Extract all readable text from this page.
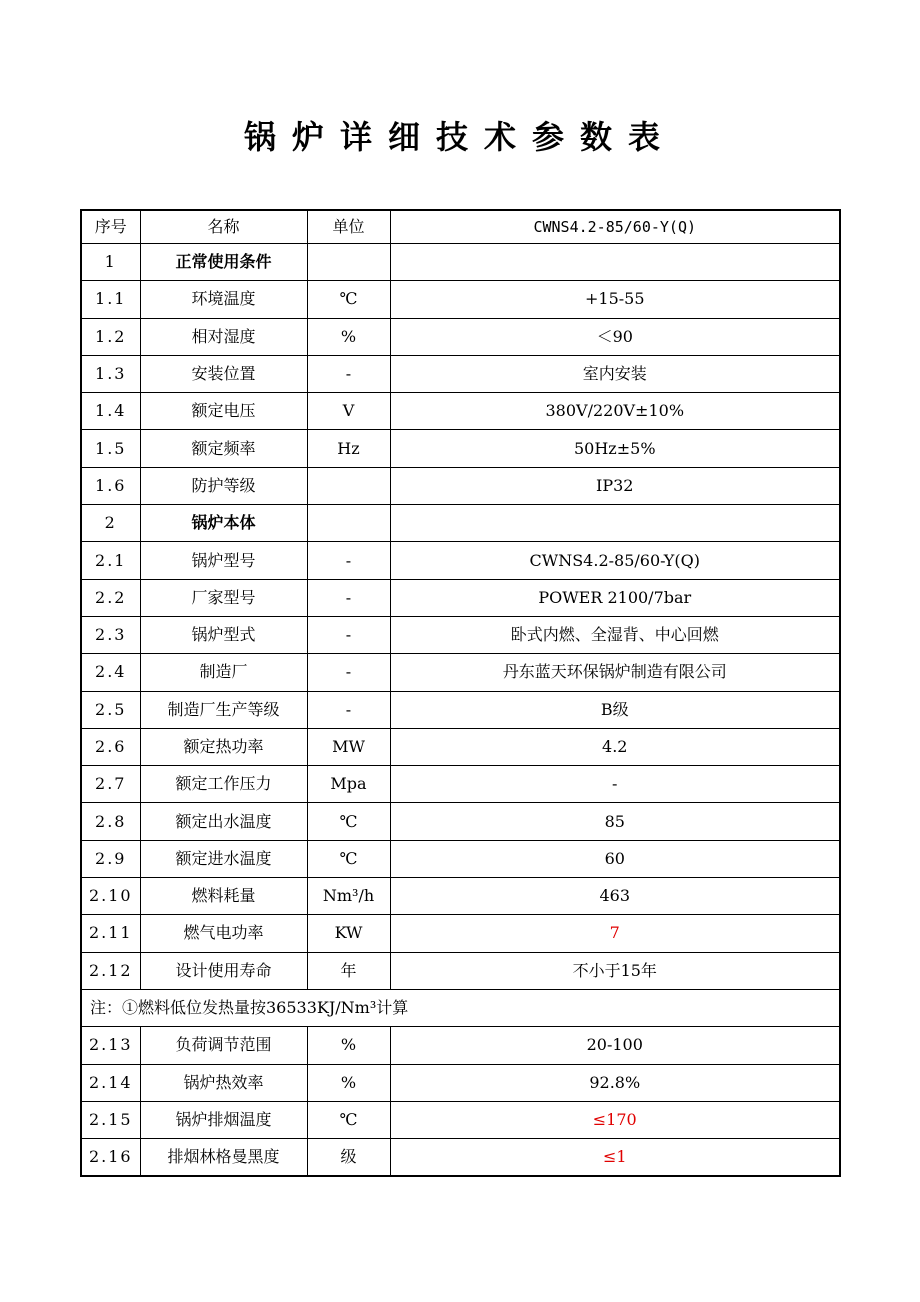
锅炉详细技术参数表
序号	名称	单位	CWNS4.2-85/60-Y(Q)
1	正常使用条件		
1.1	环境温度	℃	+15-55
1.2	相对湿度	%	＜90
1.3	安装位置	-	室内安装
1.4	额定电压	V	380V/220V±10%
1.5	额定频率	Hz	50Hz±5%
1.6	防护等级		IP32
2	锅炉本体		
2.1	锅炉型号	-	CWNS4.2-85/60-Y(Q)
2.2	厂家型号	-	POWER 2100/7bar
2.3	锅炉型式	-	卧式内燃、全湿背、中心回燃
2.4	制造厂	-	丹东蓝天环保锅炉制造有限公司
2.5	制造厂生产等级	-	B级
2.6	额定热功率	MW	4.2
2.7	额定工作压力	Mpa	-
2.8	额定出水温度	℃	85
2.9	额定进水温度	℃	60
2.10	燃料耗量	Nm³/h	463
2.11	燃气电功率	KW	7
2.12	设计使用寿命	年	不小于15年
注：①燃料低位发热量按36533KJ/Nm³计算			
2.13	负荷调节范围	%	20-100
2.14	锅炉热效率	%	92.8%
2.15	锅炉排烟温度	℃	≤170
2.16	排烟林格曼黑度	级	≤1
